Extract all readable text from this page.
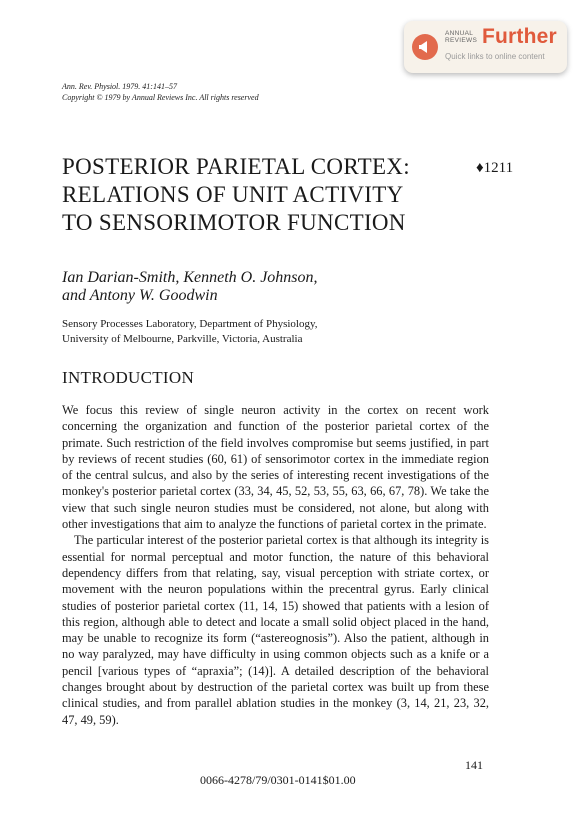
ANNUAL
REVIEWS Further
Quick links to online content
Ann. Rev. Physiol. 1979. 41:141–57
Copyright © 1979 by Annual Reviews Inc. All rights reserved
POSTERIOR PARIETAL CORTEX:
RELATIONS OF UNIT ACTIVITY
TO SENSORIMOTOR FUNCTION
♦1211
Ian Darian-Smith, Kenneth O. Johnson,
and Antony W. Goodwin
Sensory Processes Laboratory, Department of Physiology,
University of Melbourne, Parkville, Victoria, Australia
INTRODUCTION

We focus this review of single neuron activity in the cortex on recent work concerning the organization and function of the posterior parietal cortex of the primate. Such restriction of the field involves compromise but seems justified, in part by reviews of recent studies (60, 61) of sensorimotor cortex in the immediate region of the central sulcus, and also by the series of interesting recent investigations of the monkey's posterior parietal cortex (33, 34, 45, 52, 53, 55, 63, 66, 67, 78). We take the view that such single neuron studies must be considered, not alone, but along with other investigations that aim to analyze the functions of parietal cortex in the primate.

The particular interest of the posterior parietal cortex is that although its integrity is essential for normal perceptual and motor function, the nature of this behavioral dependency differs from that relating, say, visual perception with striate cortex, or movement with the neuron populations within the precentral gyrus. Early clinical studies of posterior parietal cortex (11, 14, 15) showed that patients with a lesion of this region, although able to detect and locate a small solid object placed in the hand, may be unable to recognize its form (“astereognosis”). Also the patient, although in no way paralyzed, may have difficulty in using common objects such as a knife or a pencil [various types of “apraxia”; (14)]. A detailed description of the behavioral changes brought about by destruction of the parietal cortex was built up from these clinical studies, and from parallel ablation studies in the monkey (3, 14, 21, 23, 32, 47, 49, 59).

141
0066-4278/79/0301-0141$01.00
